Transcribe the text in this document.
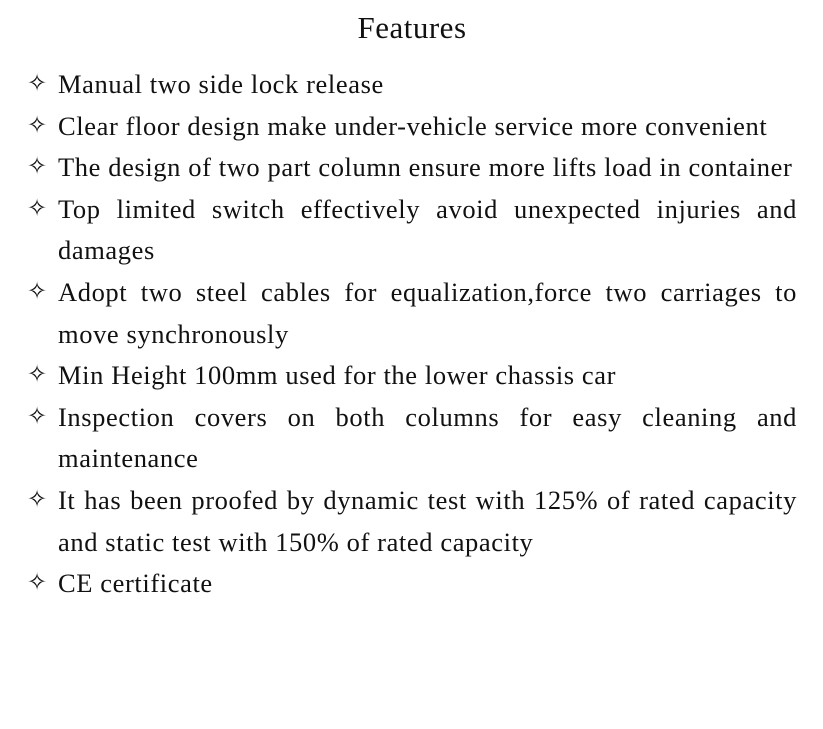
Features
✧ Manual two side lock release
✧ Clear floor design make under-vehicle service more convenient
✧ The design of two part column ensure more lifts load in container
✧ Top limited switch effectively avoid unexpected injuries and damages
✧ Adopt two steel cables for equalization,force two carriages to move synchronously
✧ Min Height 100mm used for the lower chassis car
✧ Inspection covers on both columns for easy cleaning and maintenance
✧ It has been proofed by dynamic test with 125% of rated capacity and static test with 150% of rated capacity
✧ CE certificate
